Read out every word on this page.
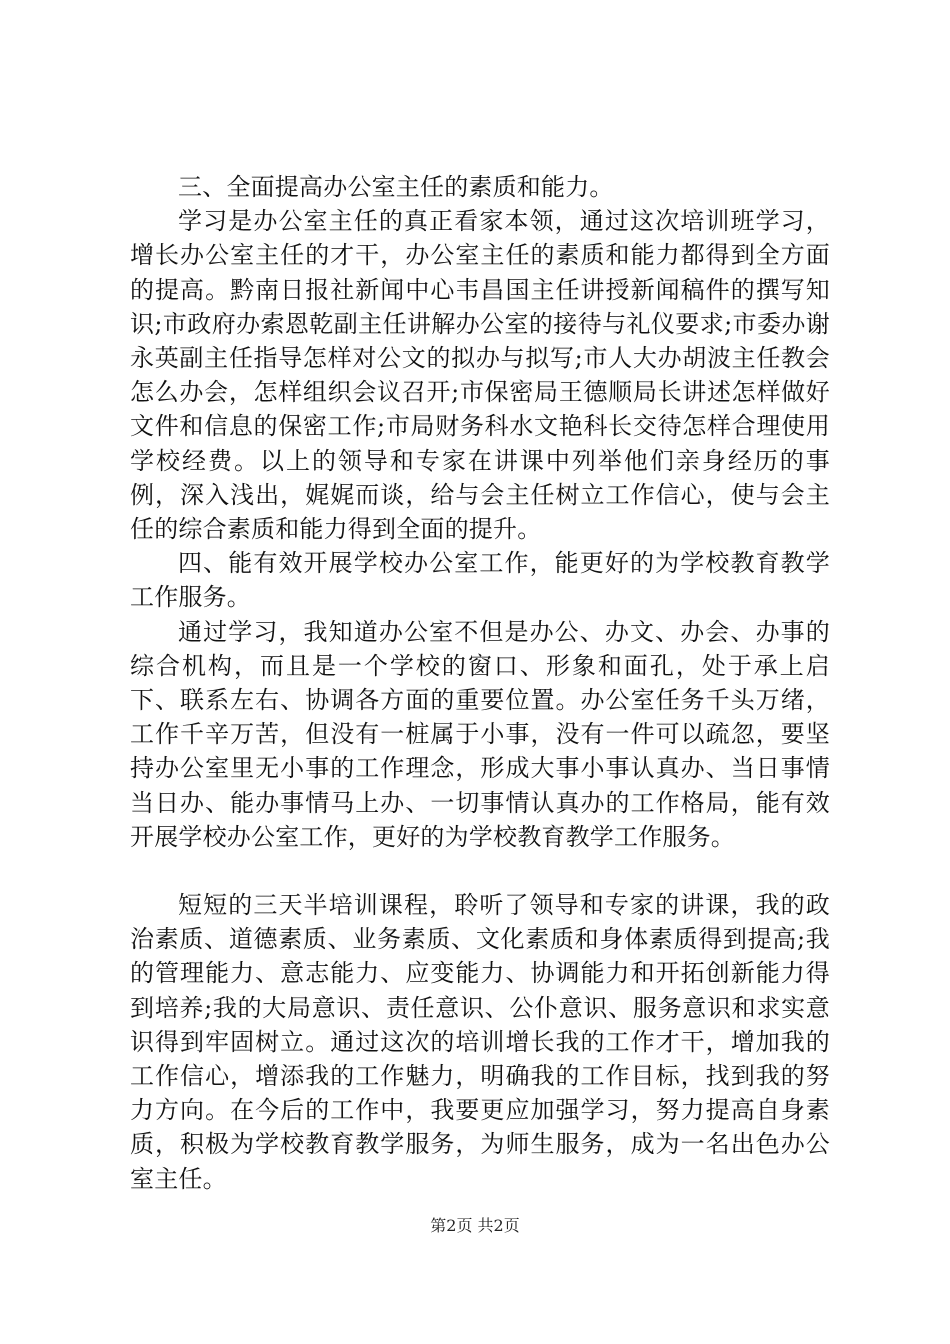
三、全面提高办公室主任的素质和能力。

学习是办公室主任的真正看家本领，通过这次培训班学习，增长办公室主任的才干，办公室主任的素质和能力都得到全方面的提高。黔南日报社新闻中心韦昌国主任讲授新闻稿件的撰写知识;市政府办索恩乾副主任讲解办公室的接待与礼仪要求;市委办谢永英副主任指导怎样对公文的拟办与拟写;市人大办胡波主任教会怎么办会，怎样组织会议召开;市保密局王德顺局长讲述怎样做好文件和信息的保密工作;市局财务科水文艳科长交待怎样合理使用学校经费。以上的领导和专家在讲课中列举他们亲身经历的事例，深入浅出，娓娓而谈，给与会主任树立工作信心，使与会主任的综合素质和能力得到全面的提升。

四、能有效开展学校办公室工作，能更好的为学校教育教学工作服务。

通过学习，我知道办公室不但是办公、办文、办会、办事的综合机构，而且是一个学校的窗口、形象和面孔，处于承上启下、联系左右、协调各方面的重要位置。办公室任务千头万绪，工作千辛万苦，但没有一桩属于小事，没有一件可以疏忽，要坚持办公室里无小事的工作理念，形成大事小事认真办、当日事情当日办、能办事情马上办、一切事情认真办的工作格局，能有效开展学校办公室工作，更好的为学校教育教学工作服务。

短短的三天半培训课程，聆听了领导和专家的讲课，我的政治素质、道德素质、业务素质、文化素质和身体素质得到提高;我的管理能力、意志能力、应变能力、协调能力和开拓创新能力得到培养;我的大局意识、责任意识、公仆意识、服务意识和求实意识得到牢固树立。通过这次的培训增长我的工作才干，增加我的工作信心，增添我的工作魅力，明确我的工作目标，找到我的努力方向。在今后的工作中，我要更应加强学习，努力提高自身素质，积极为学校教育教学服务，为师生服务，成为一名出色办公室主任。

第2页 共2页
